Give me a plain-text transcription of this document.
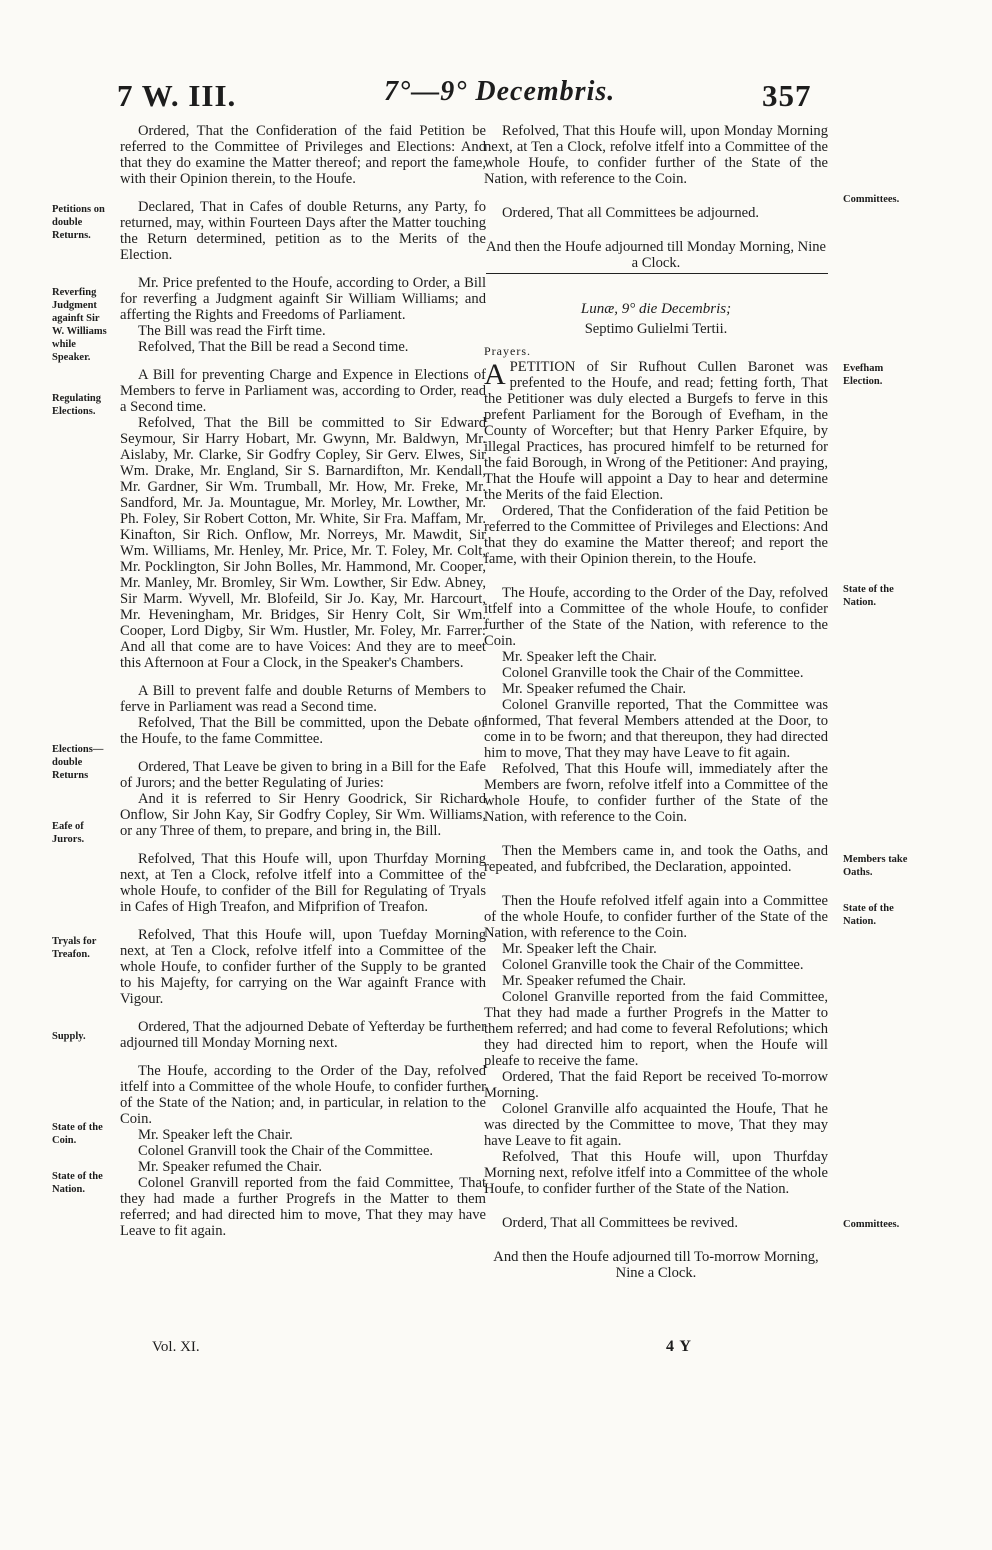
7 W. III.	7°—9° Decembris.	357
Petitions on double Returns.
Reverfing Judgment againft Sir W. Williams while Speaker.
Regulating Elections.
Elections—double Returns
Eafe of Jurors.
Tryals for Treafon.
Supply.
State of the Coin.
State of the Nation.

Ordered, That the Confideration of the faid Petition be referred to the Committee of Privileges and Elections: And that they do examine the Matter thereof; and report the fame, with their Opinion therein, to the Houfe.

Declared, That in Cafes of double Returns, any Party, fo returned, may, within Fourteen Days after the Matter touching the Return determined, petition as to the Merits of the Election.

Mr. Price prefented to the Houfe, according to Order, a Bill for reverfing a Judgment againft Sir William Williams; and afferting the Rights and Freedoms of Parliament.

The Bill was read the Firft time.

Refolved, That the Bill be read a Second time.

A Bill for preventing Charge and Expence in Elections of Members to ferve in Parliament was, according to Order, read a Second time.

Refolved, That the Bill be committed to Sir Edward Seymour, Sir Harry Hobart, Mr. Gwynn, Mr. Baldwyn, Mr. Aislaby, Mr. Clarke, Sir Godfry Copley, Sir Gerv. Elwes, Sir Wm. Drake, Mr. England, Sir S. Barnardifton, Mr. Kendall, Mr. Gardner, Sir Wm. Trumball, Mr. How, Mr. Freke, Mr. Sandford, Mr. Ja. Mountague, Mr. Morley, Mr. Lowther, Mr. Ph. Foley, Sir Robert Cotton, Mr. White, Sir Fra. Maffam, Mr. Kinafton, Sir Rich. Onflow, Mr. Norreys, Mr. Mawdit, Sir Wm. Williams, Mr. Henley, Mr. Price, Mr. T. Foley, Mr. Colt, Mr. Pocklington, Sir John Bolles, Mr. Hammond, Mr. Cooper, Mr. Manley, Mr. Bromley, Sir Wm. Lowther, Sir Edw. Abney, Sir Marm. Wyvell, Mr. Blofeild, Sir Jo. Kay, Mr. Harcourt, Mr. Heveningham, Mr. Bridges, Sir Henry Colt, Sir Wm. Cooper, Lord Digby, Sir Wm. Hustler, Mr. Foley, Mr. Farrer: And all that come are to have Voices: And they are to meet this Afternoon at Four a Clock, in the Speaker's Chambers.

A Bill to prevent falfe and double Returns of Members to ferve in Parliament was read a Second time.

Refolved, That the Bill be committed, upon the Debate of the Houfe, to the fame Committee.

Ordered, That Leave be given to bring in a Bill for the Eafe of Jurors; and the better Regulating of Juries:

And it is referred to Sir Henry Goodrick, Sir Richard Onflow, Sir John Kay, Sir Godfry Copley, Sir Wm. Williams, or any Three of them, to prepare, and bring in, the Bill.

Refolved, That this Houfe will, upon Thurfday Morning next, at Ten a Clock, refolve itfelf into a Committee of the whole Houfe, to confider of the Bill for Regulating of Tryals in Cafes of High Treafon, and Mifprifion of Treafon.

Refolved, That this Houfe will, upon Tuefday Morning next, at Ten a Clock, refolve itfelf into a Committee of the whole Houfe, to confider further of the Supply to be granted to his Majefty, for carrying on the War againft France with Vigour.

Ordered, That the adjourned Debate of Yefterday be further adjourned till Monday Morning next.

The Houfe, according to the Order of the Day, refolved itfelf into a Committee of the whole Houfe, to confider further of the State of the Nation; and, in particular, in relation to the Coin.

Mr. Speaker left the Chair.

Colonel Granvill took the Chair of the Committee.

Mr. Speaker refumed the Chair.

Colonel Granvill reported from the faid Committee, That they had made a further Progrefs in the Matter to them referred; and had directed him to move, That they may have Leave to fit again.

Refolved, That this Houfe will, upon Monday Morning next, at Ten a Clock, refolve itfelf into a Committee of the whole Houfe, to confider further of the State of the Nation, with reference to the Coin.

Ordered, That all Committees be adjourned.

And then the Houfe adjourned till Monday Morning, Nine a Clock.

Lunæ, 9° die Decembris;

Septimo Gulielmi Tertii.

Prayers.

APETITION of Sir Rufhout Cullen Baronet was prefented to the Houfe, and read; fetting forth, That the Petitioner was duly elected a Burgefs to ferve in this prefent Parliament for the Borough of Evefham, in the County of Worcefter; but that Henry Parker Efquire, by illegal Practices, has procured himfelf to be returned for the faid Borough, in Wrong of the Petitioner: And praying, That the Houfe will appoint a Day to hear and determine the Merits of the faid Election.

Ordered, That the Confideration of the faid Petition be referred to the Committee of Privileges and Elections: And that they do examine the Matter thereof; and report the fame, with their Opinion therein, to the Houfe.

The Houfe, according to the Order of the Day, refolved itfelf into a Committee of the whole Houfe, to confider further of the State of the Nation, with reference to the Coin.

Mr. Speaker left the Chair.

Colonel Granville took the Chair of the Committee.

Mr. Speaker refumed the Chair.

Colonel Granville reported, That the Committee was informed, That feveral Members attended at the Door, to come in to be fworn; and that thereupon, they had directed him to move, That they may have Leave to fit again.

Refolved, That this Houfe will, immediately after the Members are fworn, refolve itfelf into a Committee of the whole Houfe, to confider further of the State of the Nation, with reference to the Coin.

Then the Members came in, and took the Oaths, and repeated, and fubfcribed, the Declaration, appointed.

Then the Houfe refolved itfelf again into a Committee of the whole Houfe, to confider further of the State of the Nation, with reference to the Coin.

Mr. Speaker left the Chair.

Colonel Granville took the Chair of the Committee.

Mr. Speaker refumed the Chair.

Colonel Granville reported from the faid Committee, That they had made a further Progrefs in the Matter to them referred; and had come to feveral Refolutions; which they had directed him to report, when the Houfe will pleafe to receive the fame.

Ordered, That the faid Report be received To-morrow Morning.

Colonel Granville alfo acquainted the Houfe, That he was directed by the Committee to move, That they may have Leave to fit again.

Refolved, That this Houfe will, upon Thurfday Morning next, refolve itfelf into a Committee of the whole Houfe, to confider further of the State of the Nation.

Orderd, That all Committees be revived.

And then the Houfe adjourned till To-morrow Morning, Nine a Clock.

Committees.
Evefham Election.
State of the Nation.
Members take Oaths.
State of the Nation.
Committees.
Vol. XI.	4 Y
